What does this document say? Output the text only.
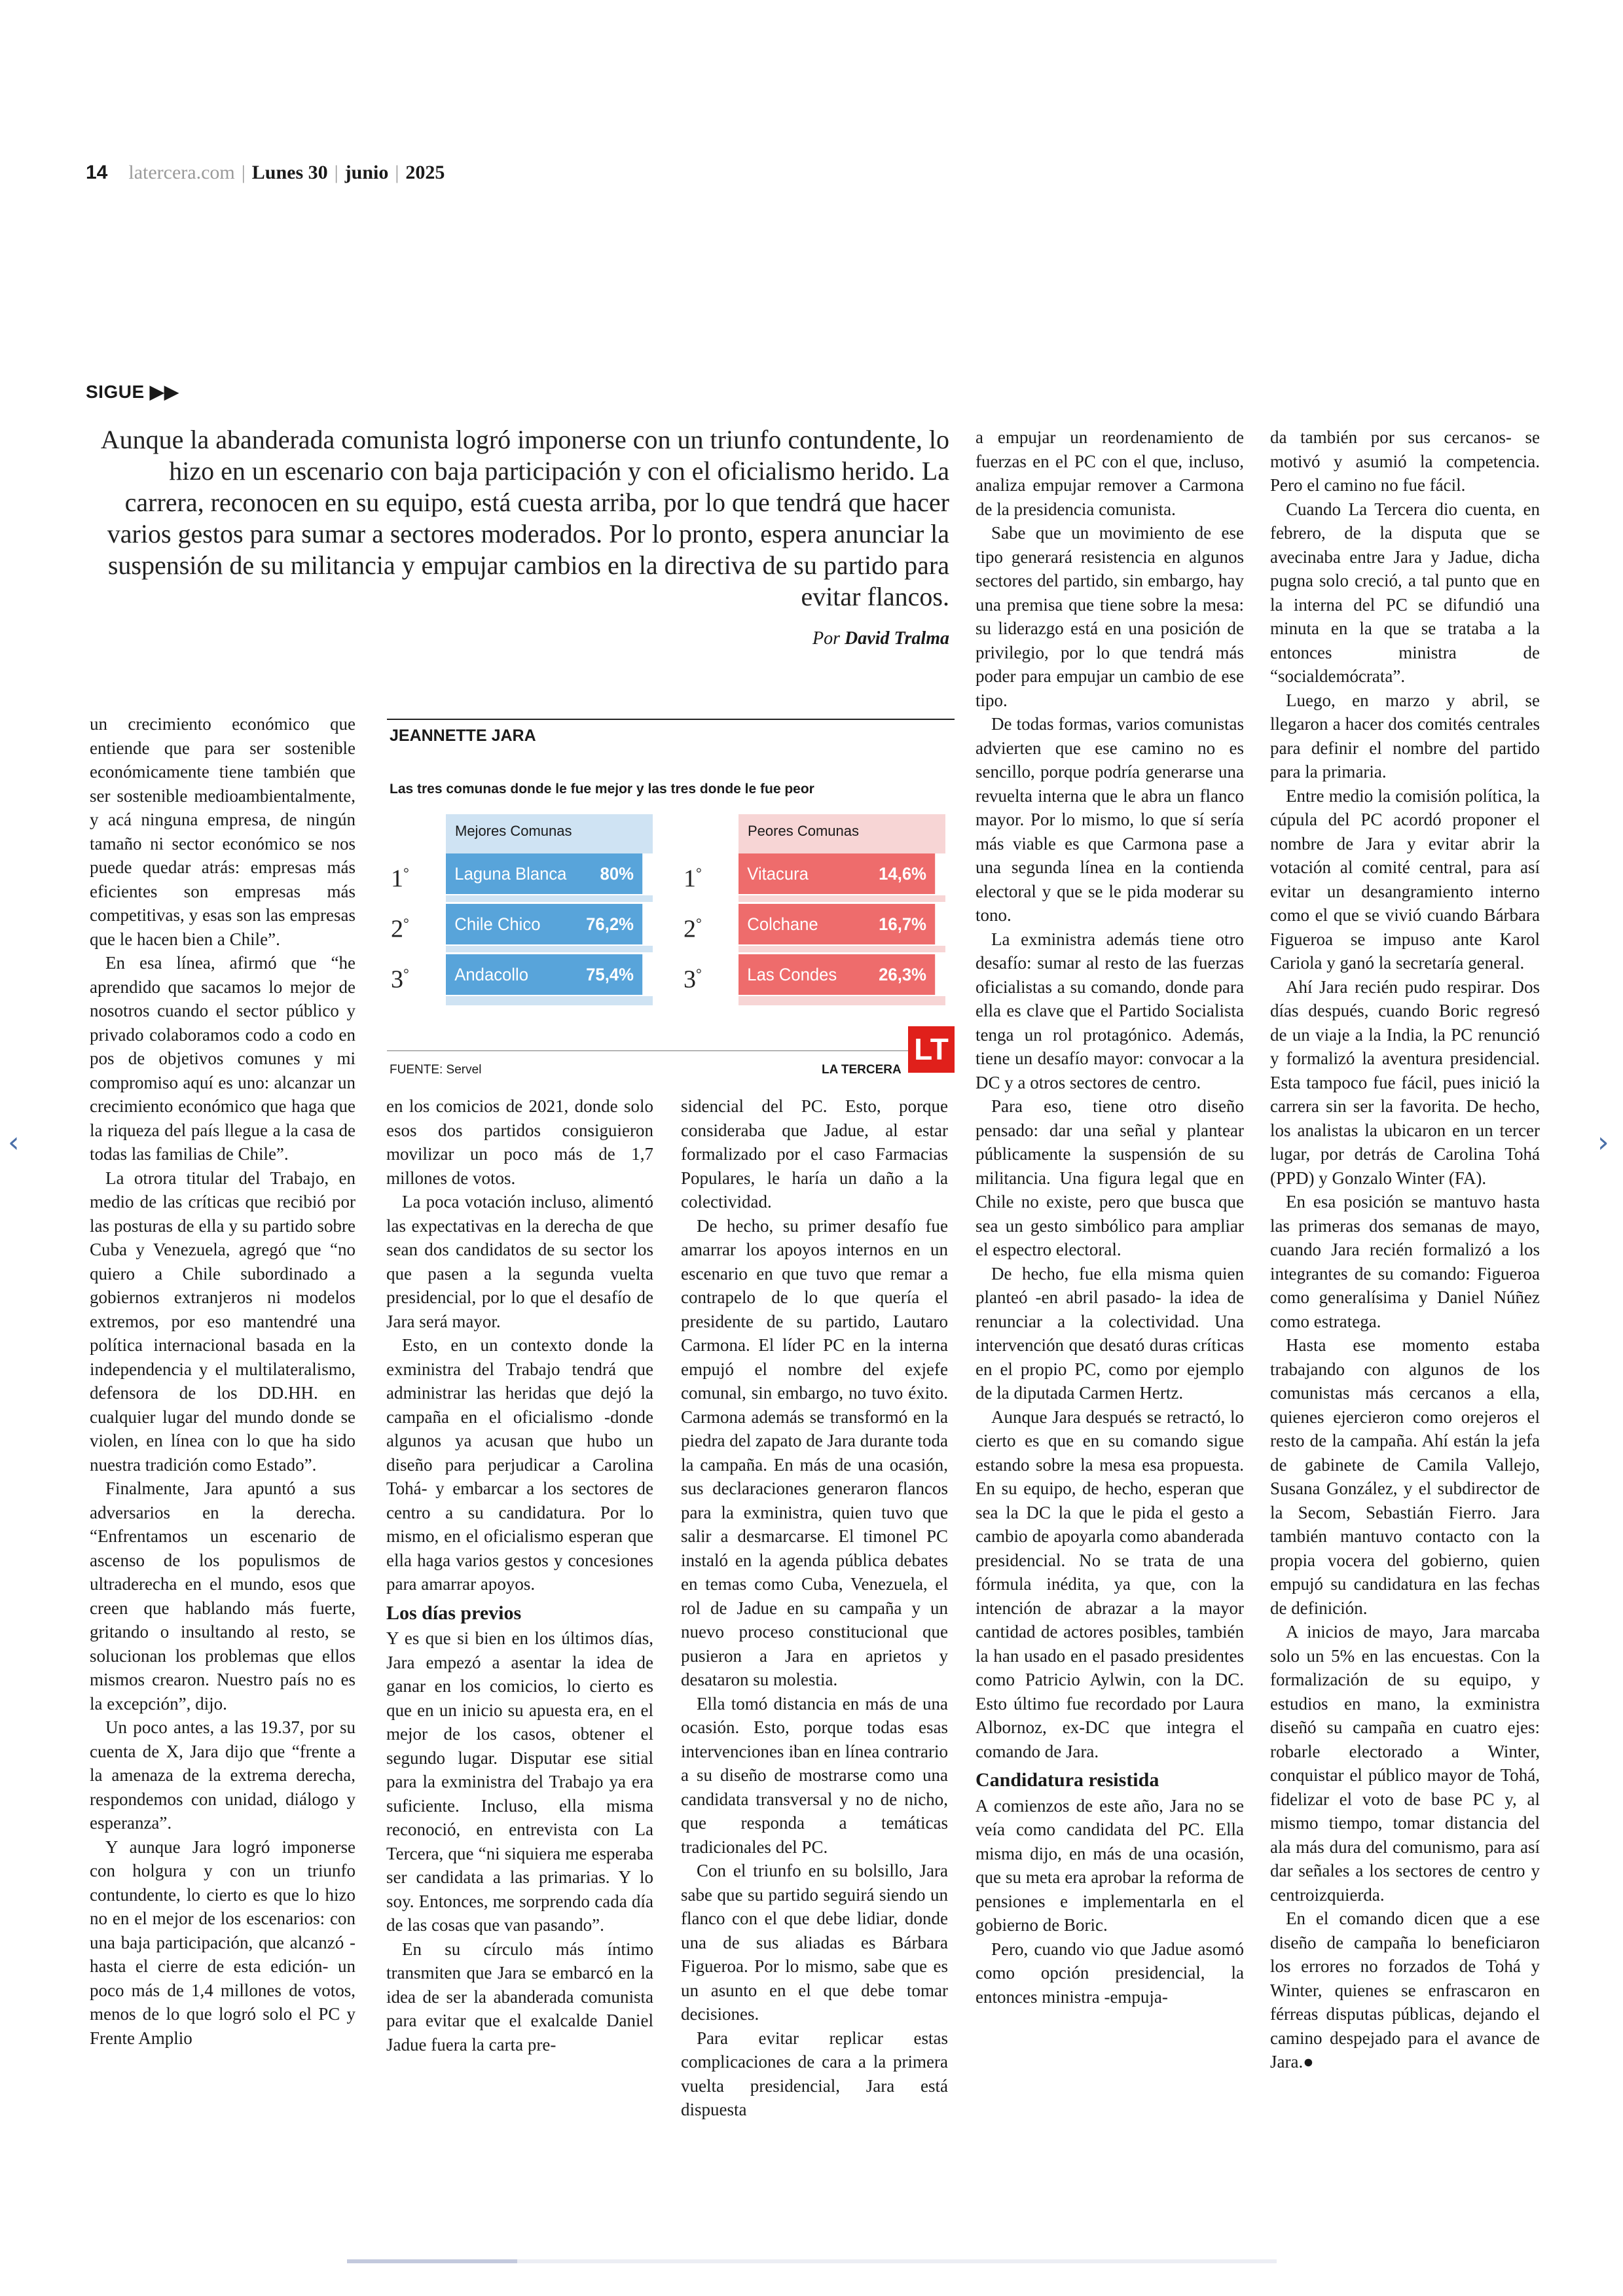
14 latercera.com | Lunes 30 | junio | 2025
SIGUE ▶▶
Aunque la abanderada comunista logró imponerse con un triunfo contundente, lo hizo en un escenario con baja participación y con el oficialismo herido. La carrera, reconocen en su equipo, está cuesta arriba, por lo que tendrá que hacer varios gestos para sumar a sectores moderados. Por lo pronto, espera anunciar la suspensión de su militancia y empujar cambios en la directiva de su partido para evitar flancos.
Por David Tralma

un crecimiento económico que entiende que para ser sostenible económicamente tiene también que ser sostenible medioambientalmente, y acá ninguna empresa, de ningún tamaño ni sector económico se nos puede quedar atrás: empresas más eficientes son empresas más competitivas, y esas son las empresas que le hacen bien a Chile”.

En esa línea, afirmó que “he aprendido que sacamos lo mejor de nosotros cuando el sector público y privado colaboramos codo a codo en pos de objetivos comunes y mi compromiso aquí es uno: alcanzar un crecimiento económico que haga que la riqueza del país llegue a la casa de todas las familias de Chile”.

La otrora titular del Trabajo, en medio de las críticas que recibió por las posturas de ella y su partido sobre Cuba y Venezuela, agregó que “no quiero a Chile subordinado a gobiernos extranjeros ni modelos extremos, por eso mantendré una política internacional basada en la independencia y el multilateralismo, defensora de los DD.HH. en cualquier lugar del mundo donde se violen, en línea con lo que ha sido nuestra tradición como Estado”.

Finalmente, Jara apuntó a sus adversarios en la derecha. “Enfrentamos un escenario de ascenso de los populismos de ultraderecha en el mundo, esos que creen que hablando más fuerte, gritando o insultando al resto, se solucionan los problemas que ellos mismos crearon. Nuestro país no es la excepción”, dijo.

Un poco antes, a las 19.37, por su cuenta de X, Jara dijo que “frente a la amenaza de la extrema derecha, respondemos con unidad, diálogo y esperanza”.

Y aunque Jara logró imponerse con holgura y con un triunfo contundente, lo cierto es que lo hizo no en el mejor de los escenarios: con una baja participación, que alcanzó -hasta el cierre de esta edición- un poco más de 1,4 millones de votos, menos de lo que logró solo el PC y Frente Amplio

JEANNETTE JARA
Las tres comunas donde le fue mejor y las tres donde le fue peor
Mejores Comunas
1°	Laguna Blanca 80%
2°	Chile Chico	76,2%
3°	Andacollo	75,4%
Peores Comunas
1°	Vitacura	14,6%
2°	Colchane	16,7%
3°	Las Condes 26,3%
FUENTE: Servel	LA TERCERA
LT

en los comicios de 2021, donde solo esos dos partidos consiguieron movilizar un poco más de 1,7 millones de votos.

La poca votación incluso, alimentó las expectativas en la derecha de que sean dos candidatos de su sector los que pasen a la segunda vuelta presidencial, por lo que el desafío de Jara será mayor.

Esto, en un contexto donde la exministra del Trabajo tendrá que administrar las heridas que dejó la campaña en el oficialismo -donde algunos ya acusan que hubo un diseño para perjudicar a Carolina Tohá- y embarcar a los sectores de centro a su candidatura. Por lo mismo, en el oficialismo esperan que ella haga varios gestos y concesiones para amarrar apoyos.

Los días previos

Y es que si bien en los últimos días, Jara empezó a asentar la idea de ganar en los comicios, lo cierto es que en un inicio su apuesta era, en el mejor de los casos, obtener el segundo lugar. Disputar ese sitial para la exministra del Trabajo ya era suficiente. Incluso, ella misma reconoció, en entrevista con La Tercera, que “ni siquiera me esperaba ser candidata a las primarias. Y lo soy. Entonces, me sorprendo cada día de las cosas que van pasando”.

En su círculo más íntimo transmiten que Jara se embarcó en la idea de ser la abanderada comunista para evitar que el exalcalde Daniel Jadue fuera la carta pre-

sidencial del PC. Esto, porque consideraba que Jadue, al estar formalizado por el caso Farmacias Populares, le haría un daño a la colectividad.

De hecho, su primer desafío fue amarrar los apoyos internos en un escenario en que tuvo que remar a contrapelo de lo que quería el presidente de su partido, Lautaro Carmona. El líder PC en la interna empujó el nombre del exjefe comunal, sin embargo, no tuvo éxito. Carmona además se transformó en la piedra del zapato de Jara durante toda la campaña. En más de una ocasión, sus declaraciones generaron flancos para la exministra, quien tuvo que salir a desmarcarse. El timonel PC instaló en la agenda pública debates en temas como Cuba, Venezuela, el rol de Jadue en su campaña y un nuevo proceso constitucional que pusieron a Jara en aprietos y desataron su molestia.

Ella tomó distancia en más de una ocasión. Esto, porque todas esas intervenciones iban en línea contrario a su diseño de mostrarse como una candidata transversal y no de nicho, que responda a temáticas tradicionales del PC.

Con el triunfo en su bolsillo, Jara sabe que su partido seguirá siendo un flanco con el que debe lidiar, donde una de sus aliadas es Bárbara Figueroa. Por lo mismo, sabe que es un asunto en el que debe tomar decisiones.

Para evitar replicar estas complicaciones de cara a la primera vuelta presidencial, Jara está dispuesta

a empujar un reordenamiento de fuerzas en el PC con el que, incluso, analiza empujar remover a Carmona de la presidencia comunista.

Sabe que un movimiento de ese tipo generará resistencia en algunos sectores del partido, sin embargo, hay una premisa que tiene sobre la mesa: su liderazgo está en una posición de privilegio, por lo que tendrá más poder para empujar un cambio de ese tipo.

De todas formas, varios comunistas advierten que ese camino no es sencillo, porque podría generarse una revuelta interna que le abra un flanco mayor. Por lo mismo, lo que sí sería más viable es que Carmona pase a una segunda línea en la contienda electoral y que se le pida moderar su tono.

La exministra además tiene otro desafío: sumar al resto de las fuerzas oficialistas a su comando, donde para ella es clave que el Partido Socialista tenga un rol protagónico. Además, tiene un desafío mayor: convocar a la DC y a otros sectores de centro.

Para eso, tiene otro diseño pensado: dar una señal y plantear públicamente la suspensión de su militancia. Una figura legal que en Chile no existe, pero que busca que sea un gesto simbólico para ampliar el espectro electoral.

De hecho, fue ella misma quien planteó -en abril pasado- la idea de renunciar a la colectividad. Una intervención que desató duras críticas en el propio PC, como por ejemplo de la diputada Carmen Hertz.

Aunque Jara después se retractó, lo cierto es que en su comando sigue estando sobre la mesa esa propuesta. En su equipo, de hecho, esperan que sea la DC la que le pida el gesto a cambio de apoyarla como abanderada presidencial. No se trata de una fórmula inédita, ya que, con la intención de abrazar a la mayor cantidad de actores posibles, también la han usado en el pasado presidentes como Patricio Aylwin, con la DC. Esto último fue recordado por Laura Albornoz, ex-DC que integra el comando de Jara.

Candidatura resistida

A comienzos de este año, Jara no se veía como candidata del PC. Ella misma dijo, en más de una ocasión, que su meta era aprobar la reforma de pensiones e implementarla en el gobierno de Boric.

Pero, cuando vio que Jadue asomó como opción presidencial, la entonces ministra -empuja-

da también por sus cercanos- se motivó y asumió la competencia. Pero el camino no fue fácil.

Cuando La Tercera dio cuenta, en febrero, de la disputa que se avecinaba entre Jara y Jadue, dicha pugna solo creció, a tal punto que en la interna del PC se difundió una minuta en la que se trataba a la entonces ministra de “socialdemócrata”.

Luego, en marzo y abril, se llegaron a hacer dos comités centrales para definir el nombre del partido para la primaria.

Entre medio la comisión política, la cúpula del PC acordó proponer el nombre de Jara y evitar abrir la votación al comité central, para así evitar un desangramiento interno como el que se vivió cuando Bárbara Figueroa se impuso ante Karol Cariola y ganó la secretaría general.

Ahí Jara recién pudo respirar. Dos días después, cuando Boric regresó de un viaje a la India, la PC renunció y formalizó la aventura presidencial. Esta tampoco fue fácil, pues inició la carrera sin ser la favorita. De hecho, los analistas la ubicaron en un tercer lugar, por detrás de Carolina Tohá (PPD) y Gonzalo Winter (FA).

En esa posición se mantuvo hasta las primeras dos semanas de mayo, cuando Jara recién formalizó a los integrantes de su comando: Figueroa como generalísima y Daniel Núñez como estratega.

Hasta ese momento estaba trabajando con algunos de los comunistas más cercanos a ella, quienes ejercieron como orejeros el resto de la campaña. Ahí están la jefa de gabinete de Camila Vallejo, Susana González, y el subdirector de la Secom, Sebastián Fierro. Jara también mantuvo contacto con la propia vocera del gobierno, quien empujó su candidatura en las fechas de definición.

A inicios de mayo, Jara marcaba solo un 5% en las encuestas. Con la formalización de su equipo, y estudios en mano, la exministra diseñó su campaña en cuatro ejes: robarle electorado a Winter, conquistar el público mayor de Tohá, fidelizar el voto de base PC y, al mismo tiempo, tomar distancia del ala más dura del comunismo, para así dar señales a los sectores de centro y centroizquierda.

En el comando dicen que a ese diseño de campaña lo beneficiaron los errores no forzados de Tohá y Winter, quienes se enfrascaron en férreas disputas públicas, dejando el camino despejado para el avance de Jara.●

‹	›
